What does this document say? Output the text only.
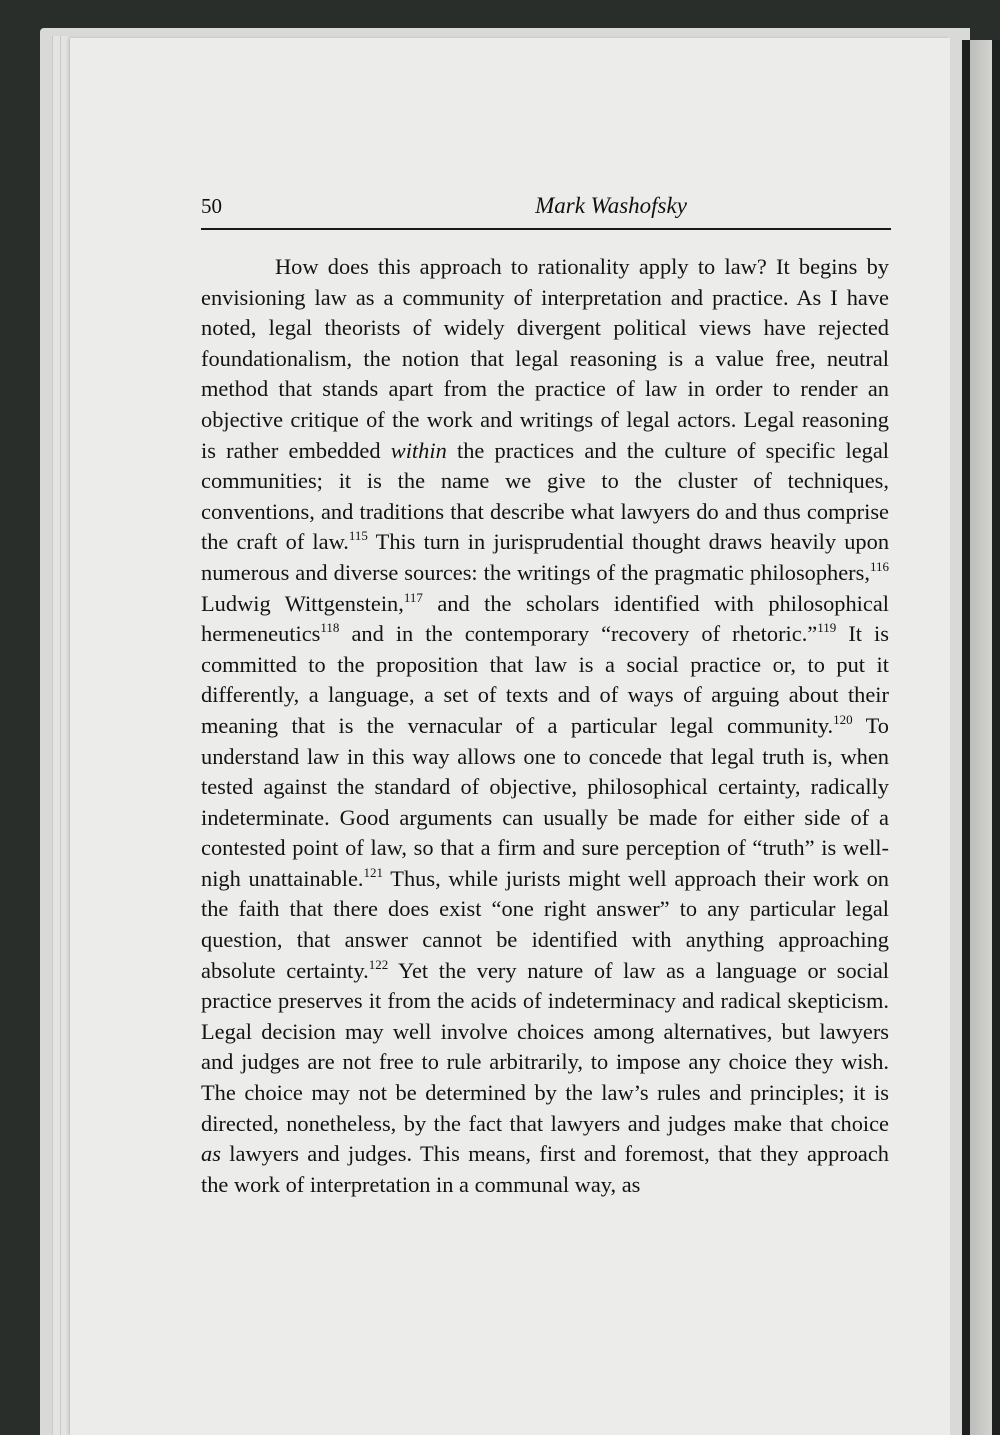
50	Mark Washofsky

How does this approach to rationality apply to law? It begins by envisioning law as a community of interpretation and practice. As I have noted, legal theorists of widely divergent political views have rejected foundationalism, the notion that legal reasoning is a value free, neutral method that stands apart from the practice of law in order to render an objective critique of the work and writings of legal actors. Legal reasoning is rather embedded within the practices and the culture of specific legal communities; it is the name we give to the cluster of techniques, conventions, and traditions that describe what lawyers do and thus comprise the craft of law.$^{115}$ This turn in jurisprudential thought draws heavily upon numerous and diverse sources: the writings of the pragmatic philosophers,$^{116}$ Ludwig Wittgenstein,$^{117}$ and the scholars identified with philosophical hermeneutics$^{118}$ and in the contemporary “recovery of rhetoric.”$^{119}$ It is committed to the proposition that law is a social practice or, to put it differently, a language, a set of texts and of ways of arguing about their meaning that is the vernacular of a particular legal community.$^{120}$ To understand law in this way allows one to concede that legal truth is, when tested against the standard of objective, philosophical certainty, radically indeterminate. Good arguments can usually be made for either side of a contested point of law, so that a firm and sure perception of “truth” is well-nigh unattainable.$^{121}$ Thus, while jurists might well approach their work on the faith that there does exist “one right answer” to any particular legal question, that answer cannot be identified with anything approaching absolute certainty.$^{122}$ Yet the very nature of law as a language or social practice preserves it from the acids of indeterminacy and radical skepticism. Legal decision may well involve choices among alternatives, but lawyers and judges are not free to rule arbitrarily, to impose any choice they wish. The choice may not be determined by the law’s rules and principles; it is directed, nonetheless, by the fact that lawyers and judges make that choice as lawyers and judges. This means, first and foremost, that they approach the work of interpretation in a communal way, as
